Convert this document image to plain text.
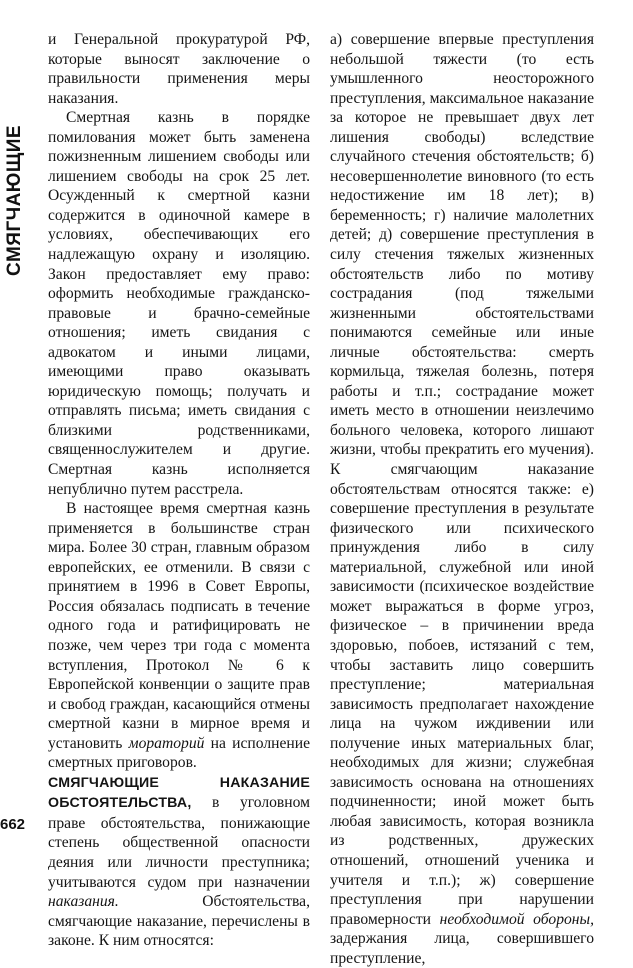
СМЯГЧАЮЩИЕ

и Генеральной прокуратурой РФ, которые выносят заключение о правильности применения меры наказания.

Смертная казнь в порядке помилования может быть заменена пожизненным лишением свободы или лишением свободы на срок 25 лет. Осужденный к смертной казни содержится в одиночной камере в условиях, обеспечивающих его надлежащую охрану и изоляцию. Закон предоставляет ему право: оформить необходимые гражданско-правовые и брачно-семейные отношения; иметь свидания с адвокатом и иными лицами, имеющими право оказывать юридическую помощь; получать и отправлять письма; иметь свидания с близкими родственниками, священнослужителем и другие. Смертная казнь исполняется непублично путем расстрела.

В настоящее время смертная казнь применяется в большинстве стран мира. Более 30 стран, главным образом европейских, ее отменили. В связи с принятием в 1996 в Совет Европы, Россия обязалась подписать в течение одного года и ратифицировать не позже, чем через три года с момента вступления, Протокол № 6 к Европейской конвенции о защите прав и свобод граждан, касающийся отмены смертной казни в мирное время и установить мораторий на исполнение смертных приговоров.

СМЯГЧАЮЩИЕ НАКАЗАНИЕ ОБСТОЯТЕЛЬСТВА, в уголовном праве обстоятельства, понижающие степень общественной опасности деяния или личности преступника; учитываются судом при назначении наказания.	Обстоятельства, смягчающие наказание, перечислены в законе. К ним относятся:

а) совершение впервые преступления небольшой тяжести (то есть умышленного неосторожного преступления, максимальное наказание за которое не превышает двух лет лишения свободы) вследствие случайного стечения обстоятельств; б) несовершеннолетие виновного (то есть недостижение им 18 лет); в) беременность; г) наличие малолетних детей; д) совершение преступления в силу стечения тяжелых жизненных обстоятельств либо по мотиву сострадания (под тяжелыми жизненными обстоятельствами понимаются семейные или иные личные обстоятельства: смерть кормильца, тяжелая болезнь, потеря работы и т.п.; сострадание может иметь место в отношении неизлечимо больного человека, которого лишают жизни, чтобы прекратить его мучения). К смягчающим наказание обстоятельствам относятся также: е) совершение преступления в результате физического или психического принуждения либо в силу материальной, служебной или иной зависимости (психическое воздействие может выражаться в форме угроз, физическое – в причинении вреда здоровью, побоев, истязаний с тем, чтобы заставить лицо совершить преступление; материальная зависимость предполагает нахождение лица на чужом иждивении или получение иных материальных благ, необходимых для жизни; служебная зависимость основана на отношениях подчиненности; иной может быть любая зависимость, которая возникла из родственных, дружеских отношений, отношений ученика и учителя и т.п.); ж) совершение преступления при нарушении правомерности необходимой обороны, задержания лица, совершившего преступление,

662
